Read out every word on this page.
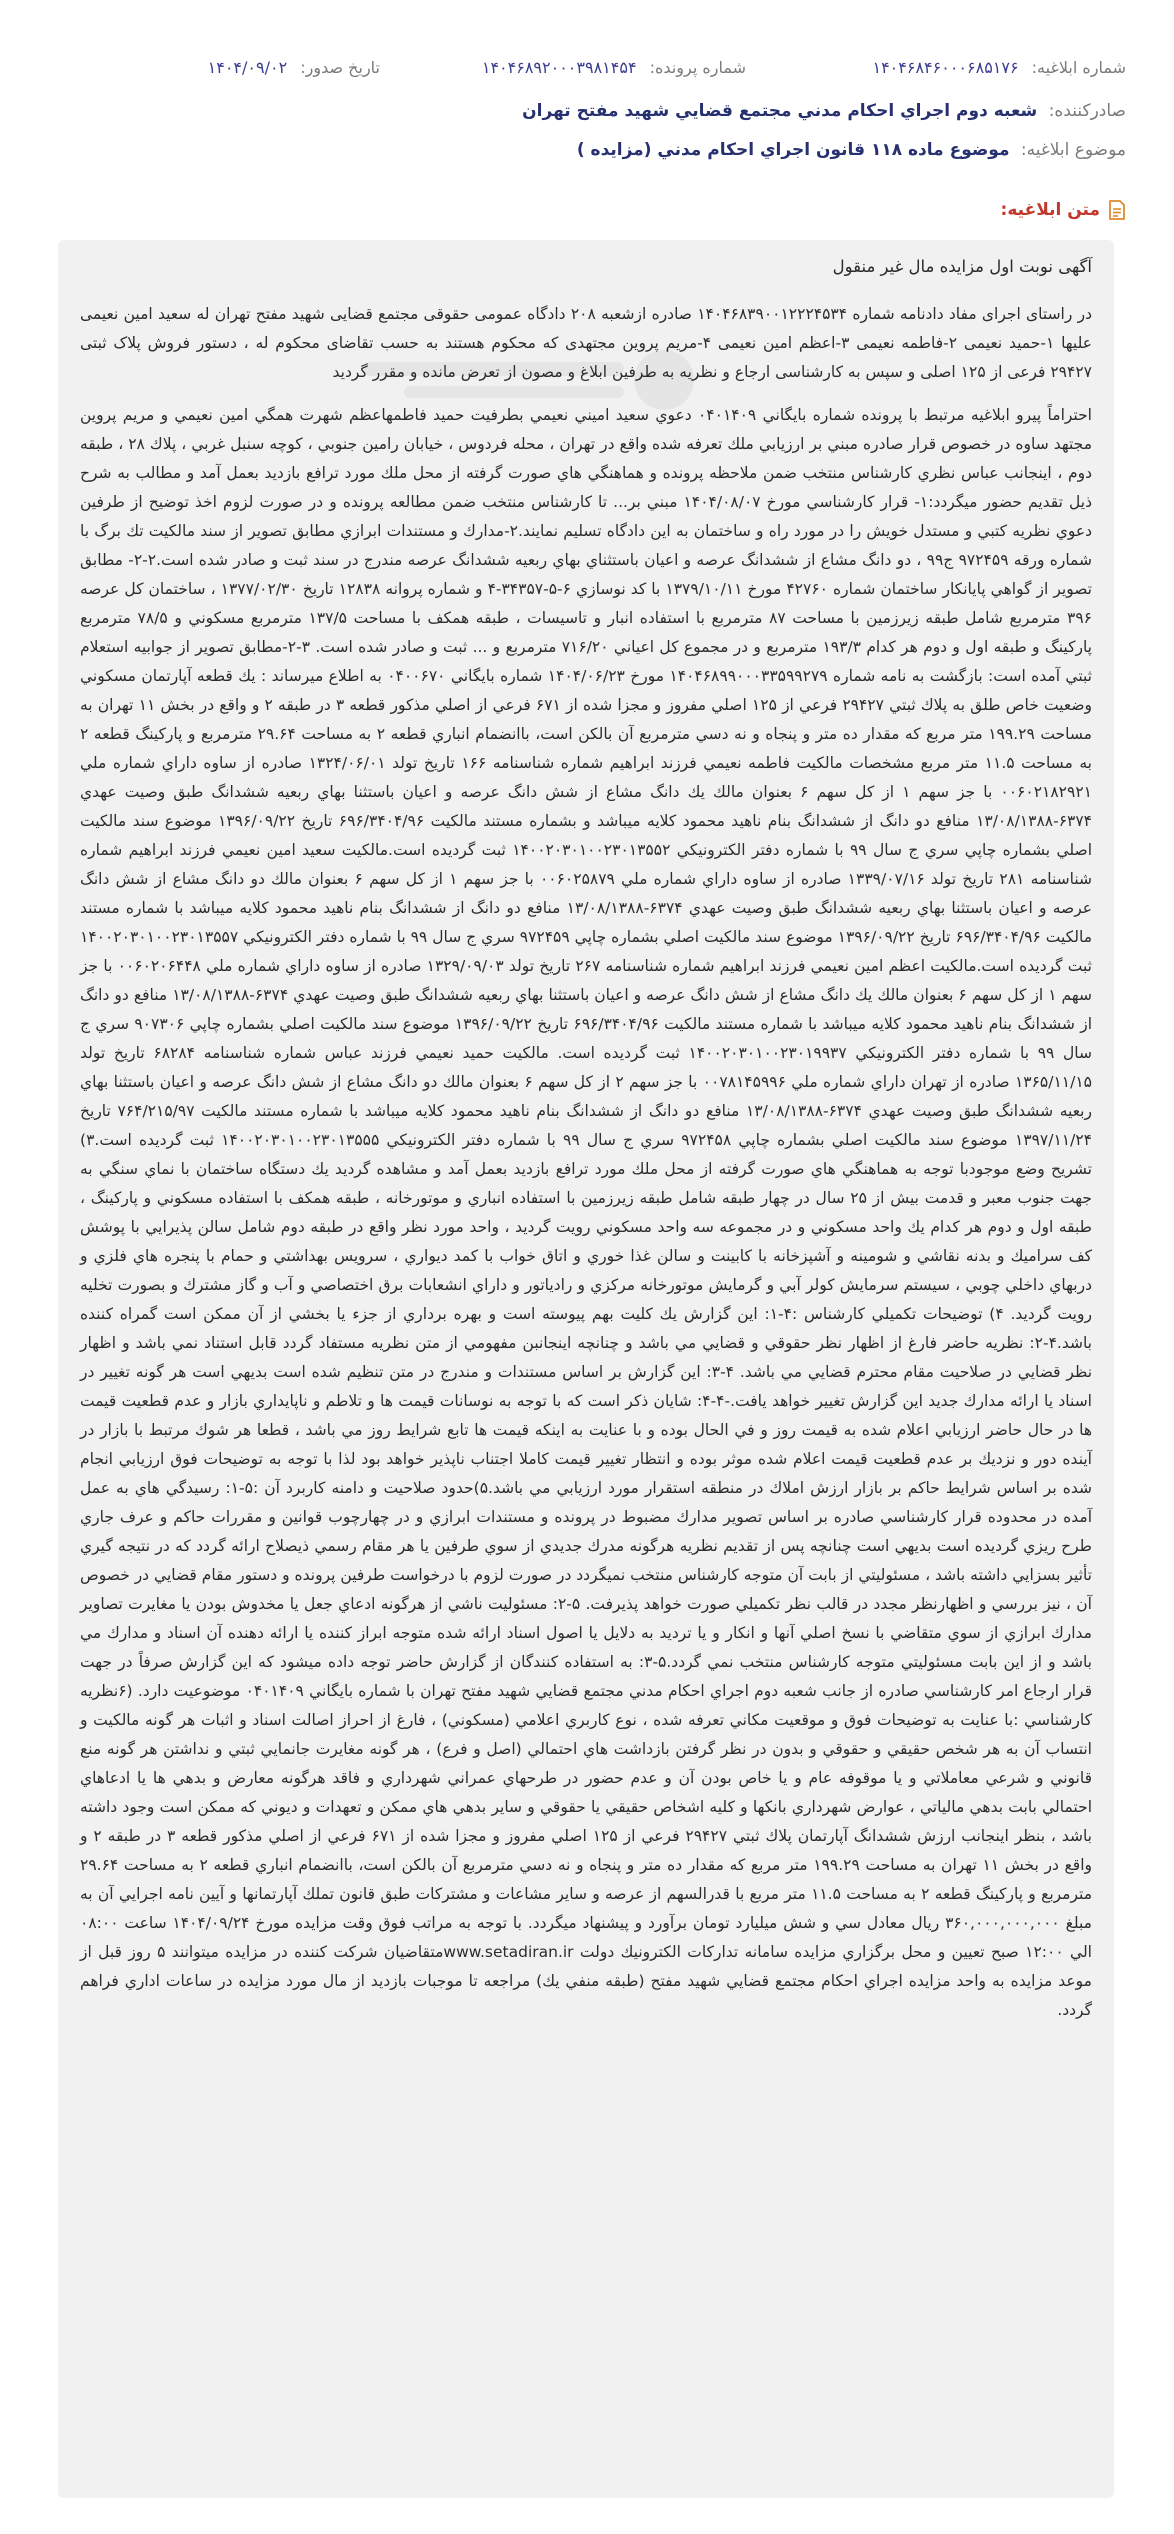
شماره ابلاغیه: ۱۴۰۴۶۸۴۶۰۰۰۶۸۵۱۷۶
شماره پرونده: ۱۴۰۴۶۸۹۲۰۰۰۳۹۸۱۴۵۴
تاریخ صدور: ۱۴۰۴/۰۹/۰۲
صادرکننده: شعبه دوم اجراي احكام مدني مجتمع قضايي شهيد مفتح تهران
موضوع ابلاغیه: موضوع ماده ۱۱۸ قانون اجراي احكام مدني (مزايده )
متن ابلاغیه:

آگهی نوبت اول مزایده مال غیر منقول

در راستای اجرای مفاد دادنامه شماره ۱۴۰۴۶۸۳۹۰۰۱۲۲۲۴۵۳۴ صادره ازشعبه ۲۰۸ دادگاه عمومی حقوقی مجتمع قضایی شهید مفتح تهران له سعید امین نعیمی علیها ۱-حمید نعیمی ۲-فاطمه نعیمی ۳-اعظم امین نعیمی ۴-مریم پروین مجتهدی که محکوم هستند به حسب تقاضای محکوم له ، دستور فروش پلاک ثبتی ۲۹۴۲۷ فرعی از ۱۲۵ اصلی و سپس به کارشناسی ارجاع و نظریه به طرفین ابلاغ و مصون از تعرض مانده و مقرر گردید

احتراماً پيرو ابلاغيه مرتبط با پرونده شماره بايگاني ۰۴۰۱۴۰۹ دعوي سعيد اميني نعيمي بطرفيت حميد فاطمهاعظم شهرت همگي امين نعيمي و مريم پروين مجتهد ساوه در خصوص قرار صادره مبني بر ارزيابي ملك تعرفه شده واقع در تهران ، محله فردوس ، خيابان رامين جنوبي ، كوچه سنبل غربي ، پلاك ۲۸ ، طبقه دوم ، اينجانب عباس نظري كارشناس منتخب ضمن ملاحظه پرونده و هماهنگي هاي صورت گرفته از محل ملك مورد ترافع بازديد بعمل آمد و مطالب به شرح ذيل تقديم حضور ميگردد:۱- قرار كارشناسي مورخ ۱۴۰۴/۰۸/۰۷ مبني بر... تا كارشناس منتخب ضمن مطالعه پرونده و در صورت لزوم اخذ توضيح از طرفين دعوي نظريه كتبي و مستدل خويش را در مورد راه و ساختمان به اين دادگاه تسليم نمايند.۲-مدارك و مستندات ابرازي مطابق تصوير از سند مالكيت تك برگ با شماره ورقه ۹۷۲۴۵۹ ج۹۹ ، دو دانگ مشاع از ششدانگ عرصه و اعيان باستثناي بهاي ربعيه ششدانگ عرصه مندرج در سند ثبت و صادر شده است.۲-۲- مطابق تصوير از گواهي پايانكار ساختمان شماره ۴۲۷۶۰ مورخ ۱۳۷۹/۱۰/۱۱ با كد نوسازي ۶-۵-۳۴۳۵۷-۴ و شماره پروانه ۱۲۸۳۸ تاريخ ۱۳۷۷/۰۲/۳۰ ، ساختمان كل عرصه ۳۹۶ مترمربع شامل طبقه زيرزمين با مساحت ۸۷ مترمربع با استفاده انبار و تاسيسات ، طبقه همكف با مساحت ۱۳۷/۵ مترمربع مسكوني و ۷۸/۵ مترمربع پاركينگ و طبقه اول و دوم هر كدام ۱۹۳/۳ مترمربع و در مجموع كل اعياني ۷۱۶/۲۰ مترمربع و ... ثبت و صادر شده است. ۳-۲-مطابق تصوير از جوابيه استعلام ثبتي آمده است: بازگشت به نامه شماره ۱۴۰۴۶۸۹۹۰۰۰۳۳۵۹۹۲۷۹ مورخ ۱۴۰۴/۰۶/۲۳ شماره بايگاني ۰۴۰۰۶۷۰ به اطلاع ميرساند : يك قطعه آپارتمان مسكوني وضعيت خاص طلق به پلاك ثبتي ۲۹۴۲۷ فرعي از ۱۲۵ اصلي مفروز و مجزا شده از ۶۷۱ فرعي از اصلي مذكور قطعه ۳ در طبقه ۲ و واقع در بخش ۱۱ تهران به مساحت ۱۹۹.۲۹ متر مربع كه مقدار ده متر و پنجاه و نه دسي مترمربع آن بالكن است، باانضمام انباري قطعه ۲ به مساحت ۲۹.۶۴ مترمربع و پاركينگ قطعه ۲ به مساحت ۱۱.۵ متر مربع مشخصات مالكيت فاطمه نعيمي فرزند ابراهيم شماره شناسنامه ۱۶۶ تاريخ تولد ۱۳۲۴/۰۶/۰۱ صادره از ساوه داراي شماره ملي ۰۰۶۰۲۱۸۲۹۲۱ با جز سهم ۱ از كل سهم ۶ بعنوان مالك يك دانگ مشاع از شش دانگ عرصه و اعيان باستثنا بهاي ربعيه ششدانگ طبق وصيت عهدي ۶۳۷۴-۱۳/۰۸/۱۳۸۸ منافع دو دانگ از ششدانگ بنام ناهيد محمود كلايه ميباشد و بشماره مستند مالكيت ۶۹۶/۳۴۰۴/۹۶ تاريخ ۱۳۹۶/۰۹/۲۲ موضوع سند مالكيت اصلي بشماره چاپي سري ج سال ۹۹ با شماره دفتر الكترونيكي ۱۴۰۰۲۰۳۰۱۰۰۲۳۰۱۳۵۵۲ ثبت گرديده است.مالكيت سعيد امين نعيمي فرزند ابراهيم شماره شناسنامه ۲۸۱ تاريخ تولد ۱۳۳۹/۰۷/۱۶ صادره از ساوه داراي شماره ملي ۰۰۶۰۲۵۸۷۹ با جز سهم ۱ از كل سهم ۶ بعنوان مالك دو دانگ مشاع از شش دانگ عرصه و اعيان باستثنا بهاي ربعيه ششدانگ طبق وصيت عهدي ۶۳۷۴-۱۳/۰۸/۱۳۸۸ منافع دو دانگ از ششدانگ بنام ناهيد محمود كلايه ميباشد با شماره مستند مالكيت ۶۹۶/۳۴۰۴/۹۶ تاريخ ۱۳۹۶/۰۹/۲۲ موضوع سند مالكيت اصلي بشماره چاپي ۹۷۲۴۵۹ سري ج سال ۹۹ با شماره دفتر الكترونيكي ۱۴۰۰۲۰۳۰۱۰۰۲۳۰۱۳۵۵۷ ثبت گرديده است.مالكيت اعظم امين نعيمي فرزند ابراهيم شماره شناسنامه ۲۶۷ تاريخ تولد ۱۳۲۹/۰۹/۰۳ صادره از ساوه داراي شماره ملي ۰۰۶۰۲۰۶۴۴۸ با جز سهم ۱ از كل سهم ۶ بعنوان مالك يك دانگ مشاع از شش دانگ عرصه و اعيان باستثنا بهاي ربعيه ششدانگ طبق وصيت عهدي ۶۳۷۴-۱۳/۰۸/۱۳۸۸ منافع دو دانگ از ششدانگ بنام ناهيد محمود كلايه ميباشد با شماره مستند مالكيت ۶۹۶/۳۴۰۴/۹۶ تاريخ ۱۳۹۶/۰۹/۲۲ موضوع سند مالكيت اصلي بشماره چاپي ۹۰۷۳۰۶ سري ج سال ۹۹ با شماره دفتر الكترونيكي ۱۴۰۰۲۰۳۰۱۰۰۲۳۰۱۹۹۳۷ ثبت گرديده است. مالكيت حميد نعيمي فرزند عباس شماره شناسنامه ۶۸۲۸۴ تاريخ تولد ۱۳۶۵/۱۱/۱۵ صادره از تهران داراي شماره ملي ۰۰۷۸۱۴۵۹۹۶ با جز سهم ۲ از كل سهم ۶ بعنوان مالك دو دانگ مشاع از شش دانگ عرصه و اعيان باستثنا بهاي ربعيه ششدانگ طبق وصيت عهدي ۶۳۷۴-۱۳/۰۸/۱۳۸۸ منافع دو دانگ از ششدانگ بنام ناهيد محمود كلايه ميباشد با شماره مستند مالكيت ۷۶۴/۲۱۵/۹۷ تاريخ ۱۳۹۷/۱۱/۲۴ موضوع سند مالكيت اصلي بشماره چاپي ۹۷۲۴۵۸ سري ج سال ۹۹ با شماره دفتر الكترونيكي ۱۴۰۰۲۰۳۰۱۰۰۲۳۰۱۳۵۵۵ ثبت گرديده است.۳) تشريح وضع موجودبا توجه به هماهنگي هاي صورت گرفته از محل ملك مورد ترافع بازديد بعمل آمد و مشاهده گرديد يك دستگاه ساختمان با نماي سنگي به جهت جنوب معبر و قدمت بيش از ۲۵ سال در چهار طبقه شامل طبقه زيرزمين با استفاده انباري و موتورخانه ، طبقه همكف با استفاده مسكوني و پاركينگ ، طبقه اول و دوم هر كدام يك واحد مسكوني و در مجموعه سه واحد مسكوني رويت گرديد ، واحد مورد نظر واقع در طبقه دوم شامل سالن پذيرايي با پوشش كف سراميك و بدنه نقاشي و شومينه و آشپزخانه با كابينت و سالن غذا خوري و اتاق خواب با كمد ديواري ، سرويس بهداشتي و حمام با پنجره هاي فلزي و دربهاي داخلي چوبي ، سيستم سرمايش كولر آبي و گرمايش موتورخانه مركزي و رادياتور و داراي انشعابات برق اختصاصي و آب و گاز مشترك و بصورت تخليه رويت گرديد. ۴) توضيحات تكميلي كارشناس :۴-۱: اين گزارش يك كليت بهم پيوسته است و بهره برداري از جزء يا بخشي از آن ممكن است گمراه كننده باشد.۴-۲: نظريه حاضر فارغ از اظهار نظر حقوقي و قضايي مي باشد و چنانچه اينجانبن مفهومي از متن نظريه مستفاد گردد قابل استناد نمي باشد و اظهار نظر قضايي در صلاحيت مقام محترم قضايي مي باشد. ۴-۳: اين گزارش بر اساس مستندات و مندرج در متن تنظيم شده است بديهي است هر گونه تغيير در اسناد يا ارائه مدارك جديد اين گزارش تغيير خواهد يافت.-۴-۴: شايان ذكر است كه با توجه به نوسانات قيمت ها و تلاطم و ناپايداري بازار و عدم قطعيت قيمت ها در حال حاضر ارزيابي اعلام شده به قيمت روز و في الحال بوده و با عنايت به اينكه قيمت ها تابع شرايط روز مي باشد ، قطعا هر شوك مرتبط با بازار در آينده دور و نزديك بر عدم قطعيت قيمت اعلام شده موثر بوده و انتظار تغيير قيمت كاملا اجتناب ناپذير خواهد بود لذا با توجه به توضيحات فوق ارزيابي انجام شده بر اساس شرايط حاكم بر بازار ارزش املاك در منطقه استقرار مورد ارزيابي مي باشد.۵)حدود صلاحيت و دامنه كاربرد آن :۵-۱: رسيدگي هاي به عمل آمده در محدوده قرار كارشناسي صادره بر اساس تصوير مدارك مضبوط در پرونده و مستندات ابرازي و در چهارچوب قوانين و مقررات حاكم و عرف جاري طرح ريزي گرديده است بديهي است چنانچه پس از تقديم نظريه هرگونه مدرك جديدي از سوي طرفين يا هر مقام رسمي ذيصلاح ارائه گردد كه در نتيجه گيري تأثير بسزايي داشته باشد ، مسئوليتي از بابت آن متوجه كارشناس منتخب نميگردد در صورت لزوم با درخواست طرفين پرونده و دستور مقام قضايي در خصوص آن ، نيز بررسي و اظهارنظر مجدد در قالب نظر تكميلي صورت خواهد پذيرفت. ۵-۲: مسئوليت ناشي از هرگونه ادعاي جعل يا مخدوش بودن يا مغايرت تصاوير مدارك ابرازي از سوي متقاضي با نسخ اصلي آنها و انكار و يا ترديد به دلايل يا اصول اسناد ارائه شده متوجه ابراز كننده يا ارائه دهنده آن اسناد و مدارك مي باشد و از اين بابت مسئوليتي متوجه كارشناس منتخب نمي گردد.۵-۳: به استفاده كنندگان از گزارش حاضر توجه داده ميشود كه اين گزارش صرفاً در جهت قرار ارجاع امر كارشناسي صادره از جانب شعبه دوم اجراي احكام مدني مجتمع قضايي شهيد مفتح تهران با شماره بايگاني ۰۴۰۱۴۰۹ موضوعيت دارد. (۶نظريه كارشناسي :با عنايت به توضيحات فوق و موقعيت مكاني تعرفه شده ، نوع كاربري اعلامي (مسكوني) ، فارغ از احراز اصالت اسناد و اثبات هر گونه مالكيت و انتساب آن به هر شخص حقيقي و حقوقي و بدون در نظر گرفتن بازداشت هاي احتمالي (اصل و فرع) ، هر گونه مغايرت جانمايي ثبتي و نداشتن هر گونه منع قانوني و شرعي معاملاتي و يا موقوفه عام و يا خاص بودن آن و عدم حضور در طرحهاي عمراني شهرداري و فاقد هرگونه معارض و بدهي ها يا ادعاهاي احتمالي بابت بدهي مالياتي ، عوارض شهرداري بانكها و كليه اشخاص حقيقي يا حقوقي و ساير بدهي هاي ممكن و تعهدات و ديوني كه ممكن است وجود داشته باشد ، بنظر اينجانب ارزش ششدانگ آپارتمان پلاك ثبتي ۲۹۴۲۷ فرعي از ۱۲۵ اصلي مفروز و مجزا شده از ۶۷۱ فرعي از اصلي مذكور قطعه ۳ در طبقه ۲ و واقع در بخش ۱۱ تهران به مساحت ۱۹۹.۲۹ متر مربع كه مقدار ده متر و پنجاه و نه دسي مترمربع آن بالكن است، باانضمام انباري قطعه ۲ به مساحت ۲۹.۶۴ مترمربع و پاركينگ قطعه ۲ به مساحت ۱۱.۵ متر مربع با قدرالسهم از عرصه و ساير مشاعات و مشتركات طبق قانون تملك آپارتمانها و آيين نامه اجرايي آن به مبلغ ۳۶۰,۰۰۰,۰۰۰,۰۰۰ ريال معادل سي و شش ميليارد تومان برآورد و پيشنهاد ميگردد. با توجه به مراتب فوق وقت مزايده مورخ ۱۴۰۴/۰۹/۲۴ ساعت ۰۸:۰۰ الي ۱۲:۰۰ صبح تعيين و محل برگزاري مزايده سامانه تداركات الكترونيك دولت www.setadiran.irمتقاضيان شركت كننده در مزايده ميتوانند ۵ روز قبل از موعد مزايده به واحد مزايده اجراي احكام مجتمع قضايي شهيد مفتح (طبقه منفي يك) مراجعه تا موجبات بازديد از مال مورد مزايده در ساعات اداري فراهم گردد.
